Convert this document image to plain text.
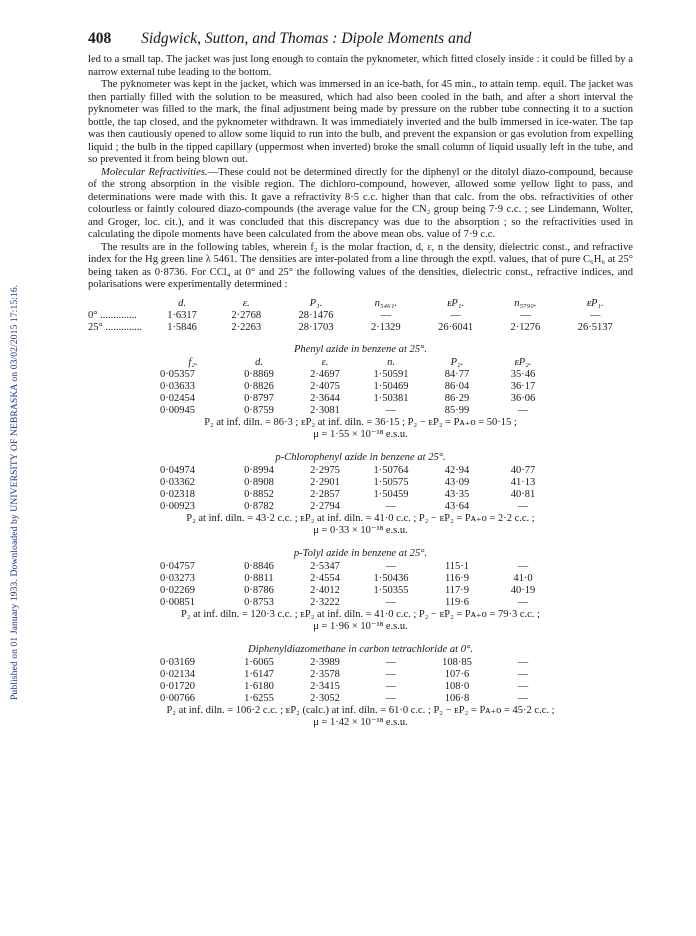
Published on 01 January 1933. Downloaded by UNIVERSITY OF NEBRASKA on 03/02/2015 17:15:16.
408 Sidgwick, Sutton, and Thomas : Dipole Moments and

led to a small tap. The jacket was just long enough to contain the pyknometer, which fitted closely inside : it could be filled by a narrow external tube leading to the bottom.

The pyknometer was kept in the jacket, which was immersed in an ice-bath, for 45 min., to attain temp. equil. The jacket was then partially filled with the solution to be measured, which had also been cooled in the bath, and after a short interval the pyknometer was filled to the mark, the final adjustment being made by pressure on the rubber tube connecting it to a suction bottle, the tap closed, and the pyknometer withdrawn. It was immediately inverted and the bulb immersed in ice-water. The tap was then cautiously opened to allow some liquid to run into the bulb, and prevent the expansion or gas evolution from expelling liquid ; the bulb in the tipped capillary (uppermost when inverted) broke the small column of liquid usually left in the tube, and so prevented it from being blown out.

Molecular Refractivities.—These could not be determined directly for the diphenyl or the ditolyl diazo-compound, because of the strong absorption in the visible region. The dichloro-compound, however, allowed some yellow light to pass, and determinations were made with this. It gave a refractivity 8·5 c.c. higher than that calc. from the obs. refractivities of other colourless or faintly coloured diazo-compounds (the average value for the CN₂ group being 7·9 c.c. ; see Lindemann, Wolter, and Groger, loc. cit.), and it was concluded that this discrepancy was due to the absorption ; so the refractivities used in calculating the dipole moments have been calculated from the above mean obs. value of 7·9 c.c.

The results are in the following tables, wherein f₂ is the molar fraction, d, ε, n the density, dielectric const., and refractive index for the Hg green line λ 5461. The densities are inter-polated from a line through the exptl. values, that of pure C₆H₆ at 25° being taken as 0·8736. For CCl₄ at 0° and 25° the following values of the densities, dielectric const., refractive indices, and polarisations were experimentally determined :

	d.	ε.	P₁.	n₅₄₆₁.	ᴇP₁.	n₅₇₉₀.	ᴇP₁.
0° ..............	1·6317	2·2768	28·1476	—	—	—	—
25° ..............	1·5846	2·2263	28·1703	2·1329	26·6041	2·1276	26·5137
Phenyl azide in benzene at 25°.
f₂.	d.	ε.	n.	P₂.	ᴇP₂.
0·05357	0·8869	2·4697	1·50591	84·77	35·46
0·03633	0·8826	2·4075	1·50469	86·04	36·17
0·02454	0·8797	2·3644	1·50381	86·29	36·06
0·00945	0·8759	2·3081	—	85·99	—
P₂ at inf. diln. = 86·3 ; ᴇP₂ at inf. diln. = 36·15 ; P₂ − ᴇP₂ = Pᴀ₊ᴏ = 50·15 ;
μ = 1·55 × 10⁻¹⁸ e.s.u.
p-Chlorophenyl azide in benzene at 25°.
0·04974	0·8994	2·2975	1·50764	42·94	40·77
0·03362	0·8908	2·2901	1·50575	43·09	41·13
0·02318	0·8852	2·2857	1·50459	43·35	40·81
0·00923	0·8782	2·2794	—	43·64	—
P₂ at inf. diln. = 43·2 c.c. ; ᴇP₂ at inf. diln. = 41·0 c.c. ; P₂ − ᴇP₂ = Pᴀ₊ᴏ = 2·2 c.c. ;
μ = 0·33 × 10⁻¹⁸ e.s.u.
p-Tolyl azide in benzene at 25°.
0·04757	0·8846	2·5347	—	115·1	—
0·03273	0·8811	2·4554	1·50436	116·9	41·0
0·02269	0·8786	2·4012	1·50355	117·9	40·19
0·00851	0·8753	2·3222	—	119·6	—
P₂ at inf. diln. = 120·3 c.c. ; ᴇP₂ at inf. diln. = 41·0 c.c. ; P₂ − ᴇP₂ = Pᴀ₊ᴏ = 79·3 c.c. ;
μ = 1·96 × 10⁻¹⁸ e.s.u.
Diphenyldiazomethane in carbon tetrachloride at 0°.
0·03169	1·6065	2·3989	—	108·85	—
0·02134	1·6147	2·3578	—	107·6	—
0·01720	1·6180	2·3415	—	108·0	—
0·00766	1·6255	2·3052	—	106·8	—
P₂ at inf. diln. = 106·2 c.c. ; ᴇP₂ (calc.) at inf. diln. = 61·0 c.c. ; P₂ − ᴇP₂ = Pᴀ₊ᴏ = 45·2 c.c. ;
μ = 1·42 × 10⁻¹⁸ e.s.u.
